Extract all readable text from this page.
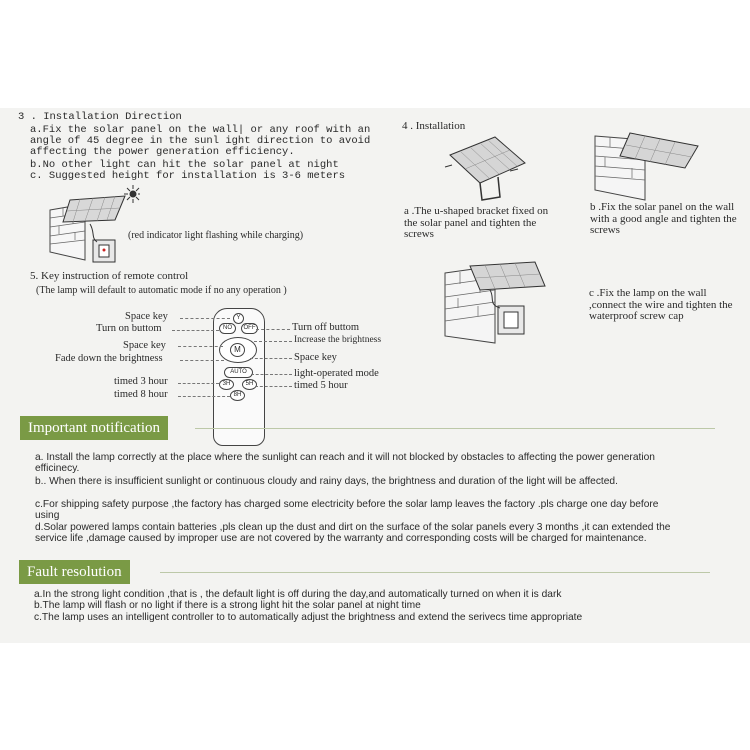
3 . Installation Direction

a.Fix the solar panel on the wall| or any roof with an angle of 45 degree in the sunl ight direction to avoid affecting the power generation efficiency.

b.No other light can hit the solar panel at night

c. Suggested height for installation is 3-6 meters

(red indicator light flashing while charging)

4 . Installation

a .The u-shaped bracket fixed on the solar panel and tighten the screws

b .Fix the solar panel on the wall with a good angle and tighten the screws

c .Fix the lamp on the wall ,connect the wire and tighten the waterproof screw cap

5. Key instruction of remote control

(The lamp will default to automatic mode if no any operation )

Y
NO	OFF
M
AUTO
3H	5H
8H

Space key

Turn on buttom

Space key

Fade down the brightness

timed 3 hour

timed 8 hour

Turn off buttom

Increase the brightness

Space key

light-operated mode

timed 5 hour

Important notification

a. Install the lamp correctly at the place where the sunlight can reach and it will not blocked by obstacles to affecting the power generation efficinecy.

b.. When there is insufficient sunlight or continuous cloudy and rainy days, the brightness and duration of the light will be affected.

c.For shipping safety purpose ,the factory has charged some electricity before the solar lamp leaves the factory .pls charge one day before using

d.Solar powered lamps contain batteries ,pls clean up the dust and dirt on the surface of the solar panels every 3 months ,it can extended the service life ,damage caused by improper use are not covered by the warranty and corresponding costs will be charged for maintenance.

Fault resolution

a.In the strong light condition ,that is , the default light is off during the day,and automatically turned on when it is dark

b.The lamp will flash or no light if there is a strong light hit the solar panel at night time

c.The lamp uses an intelligent controller to to automatically adjust the brightness and extend the serivecs time appropriate
